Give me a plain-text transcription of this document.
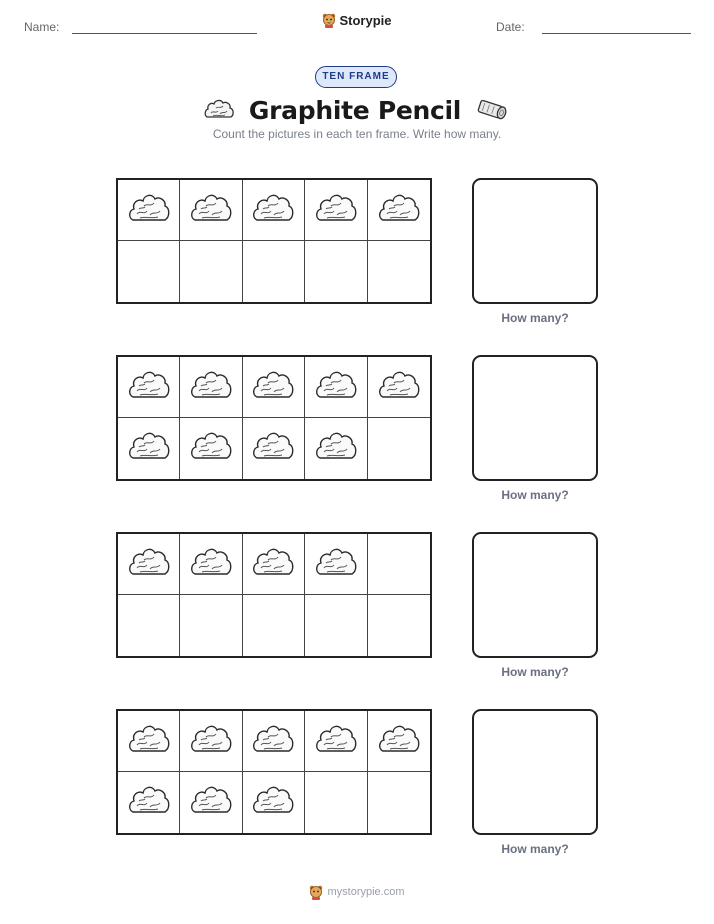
Name:	Storypie	Date:
TEN FRAME
Graphite Pencil
Count the pictures in each ten frame. Write how many.
How many?
How many?
How many?
How many?
mystorypie.com
